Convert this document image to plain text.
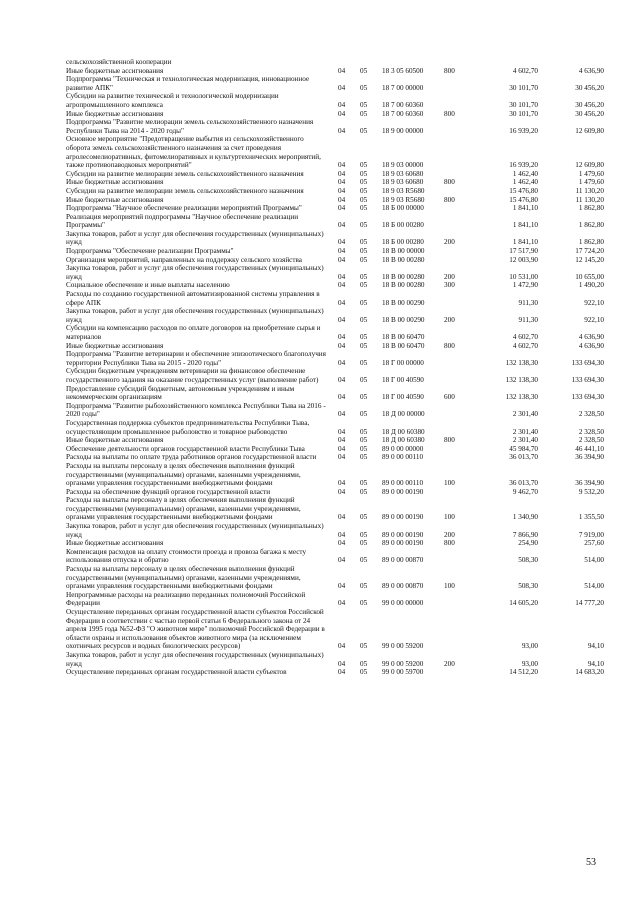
сельскохозяйственной кооперации						
Иные бюджетные ассигнования	04	05	18 3 05 60500	800	4 602,70	4 636,90
Подпрограмма "Техническая и технологическая модернизация, инновационное развитие АПК"	04	05	18 7 00 00000		30 101,70	30 456,20
Субсидии на развитие технической и технологической модернизации агропромышленного комплекса	04	05	18 7 00 60360		30 101,70	30 456,20
Иные бюджетные ассигнования	04	05	18 7 00 60360	800	30 101,70	30 456,20
Подпрограмма "Развитие мелиорации земель сельскохозяйственного назначения Республики Тыва на 2014 - 2020 годы"	04	05	18 9 00 00000		16 939,20	12 609,80
Основное мероприятие "Предотвращение выбытия из сельскохозяйственного оборота земель сельскохозяйственного назначения за счет проведения агролесомелиоративных, фитомелиоративных и культуртехнических мероприятий, также противопаводковых мероприятий"	04	05	18 9 03 00000		16 939,20	12 609,80
Субсидии на развитие мелиорации земель сельскохозяйственного назначения	04	05	18 9 03 60680		1 462,40	1 479,60
Иные бюджетные ассигнования	04	05	18 9 03 60680	800	1 462,40	1 479,60
Субсидии на развитие мелиорации земель сельскохозяйственного назначения	04	05	18 9 03 R5680		15 476,80	11 130,20
Иные бюджетные ассигнования	04	05	18 9 03 R5680	800	15 476,80	11 130,20
Подпрограмма "Научное обеспечение реализации мероприятий Программы"	04	05	18 Б 00 00000		1 841,10	1 862,80
Реализация мероприятий подпрограммы "Научное обеспечение реализации Программы"	04	05	18 Б 00 00280		1 841,10	1 862,80
Закупка товаров, работ и услуг для обеспечения государственных (муниципальных) нужд	04	05	18 Б 00 00280	200	1 841,10	1 862,80
Подпрограмма "Обеспечение реализации Программы"	04	05	18 В 00 00000		17 517,90	17 724,20
Организация мероприятий, направленных на поддержку сельского хозяйства	04	05	18 В 00 00280		12 003,90	12 145,20
Закупка товаров, работ и услуг для обеспечения государственных (муниципальных) нужд	04	05	18 В 00 00280	200	10 531,00	10 655,00
Социальное обеспечение и иные выплаты населению	04	05	18 В 00 00280	300	1 472,90	1 490,20
Расходы по созданию государственной автоматизированной системы управления в сфере АПК	04	05	18 В 00 00290		911,30	922,10
Закупка товаров, работ и услуг для обеспечения государственных (муниципальных) нужд	04	05	18 В 00 00290	200	911,30	922,10
Субсидии на компенсацию расходов по оплате договоров на приобретение сырья и материалов	04	05	18 В 00 60470		4 602,70	4 636,90
Иные бюджетные ассигнования	04	05	18 В 00 60470	800	4 602,70	4 636,90
Подпрограмма "Развитие ветеринарии и обеспечение эпизоотического благополучия территории Республики Тыва на 2015 - 2020 годы"	04	05	18 Г 00 00000		132 138,30	133 694,30
Субсидии бюджетным учреждениям ветеринарии на финансовое обеспечение государственного задания на оказание государственных услуг (выполнение работ)	04	05	18 Г 00 40590		132 138,30	133 694,30
Предоставление субсидий бюджетным, автономным учреждениям и иным некоммерческим организациям	04	05	18 Г 00 40590	600	132 138,30	133 694,30
Подпрограмма "Развитие рыбохозяйственного комплекса Республики Тыва на 2016 - 2020 годы"	04	05	18 Д 00 00000		2 301,40	2 328,50
Государственная поддержка субъектов предпринимательства Республики Тыва, осуществляющим промышленное рыболовство и товарное рыбоводство	04	05	18 Д 00 60380		2 301,40	2 328,50
Иные бюджетные ассигнования	04	05	18 Д 00 60380	800	2 301,40	2 328,50
Обеспечение деятельности органов государственной власти Республики Тыва	04	05	89 0 00 00000		45 984,70	46 441,10
Расходы на выплаты по оплате труда работников органов государственной власти	04	05	89 0 00 00110		36 013,70	36 394,90
Расходы на выплаты персоналу в целях обеспечения выполнения функций государственными (муниципальными) органами, казенными учреждениями, органами управления государственными внебюджетными фондами	04	05	89 0 00 00110	100	36 013,70	36 394,90
Расходы на обеспечение функций органов государственной власти	04	05	89 0 00 00190		9 462,70	9 532,20
Расходы на выплаты персоналу в целях обеспечения выполнения функций государственными (муниципальными) органами, казенными учреждениями, органами управления государственными внебюджетными фондами	04	05	89 0 00 00190	100	1 340,90	1 355,50
Закупка товаров, работ и услуг для обеспечения государственных (муниципальных) нужд	04	05	89 0 00 00190	200	7 866,90	7 919,00
Иные бюджетные ассигнования	04	05	89 0 00 00190	800	254,90	257,60
Компенсация расходов на оплату стоимости проезда и провоза багажа к месту использования отпуска и обратно	04	05	89 0 00 00870		508,30	514,00
Расходы на выплаты персоналу в целях обеспечения выполнения функций государственными (муниципальными) органами, казенными учреждениями, органами управления государственными внебюджетными фондами	04	05	89 0 00 00870	100	508,30	514,00
Непрограммные расходы на реализацию переданных полномочий Российской Федерации	04	05	99 0 00 00000		14 605,20	14 777,20
Осуществление переданных органам государственной власти субъектов Российской Федерации в соответствии с частью первой статьи 6 Федерального закона от 24 апреля 1995 года №52-ФЗ "О животном мире" полномочий Российской Федерации в области охраны и использования объектов животного мира (за исключением охотничьих ресурсов и водных биологических ресурсов)	04	05	99 0 00 59200		93,00	94,10
Закупка товаров, работ и услуг для обеспечения государственных (муниципальных) нужд	04	05	99 0 00 59200	200	93,00	94,10
Осуществление переданных органам государственной власти субъектов	04	05	99 0 00 59700		14 512,20	14 683,20
53
